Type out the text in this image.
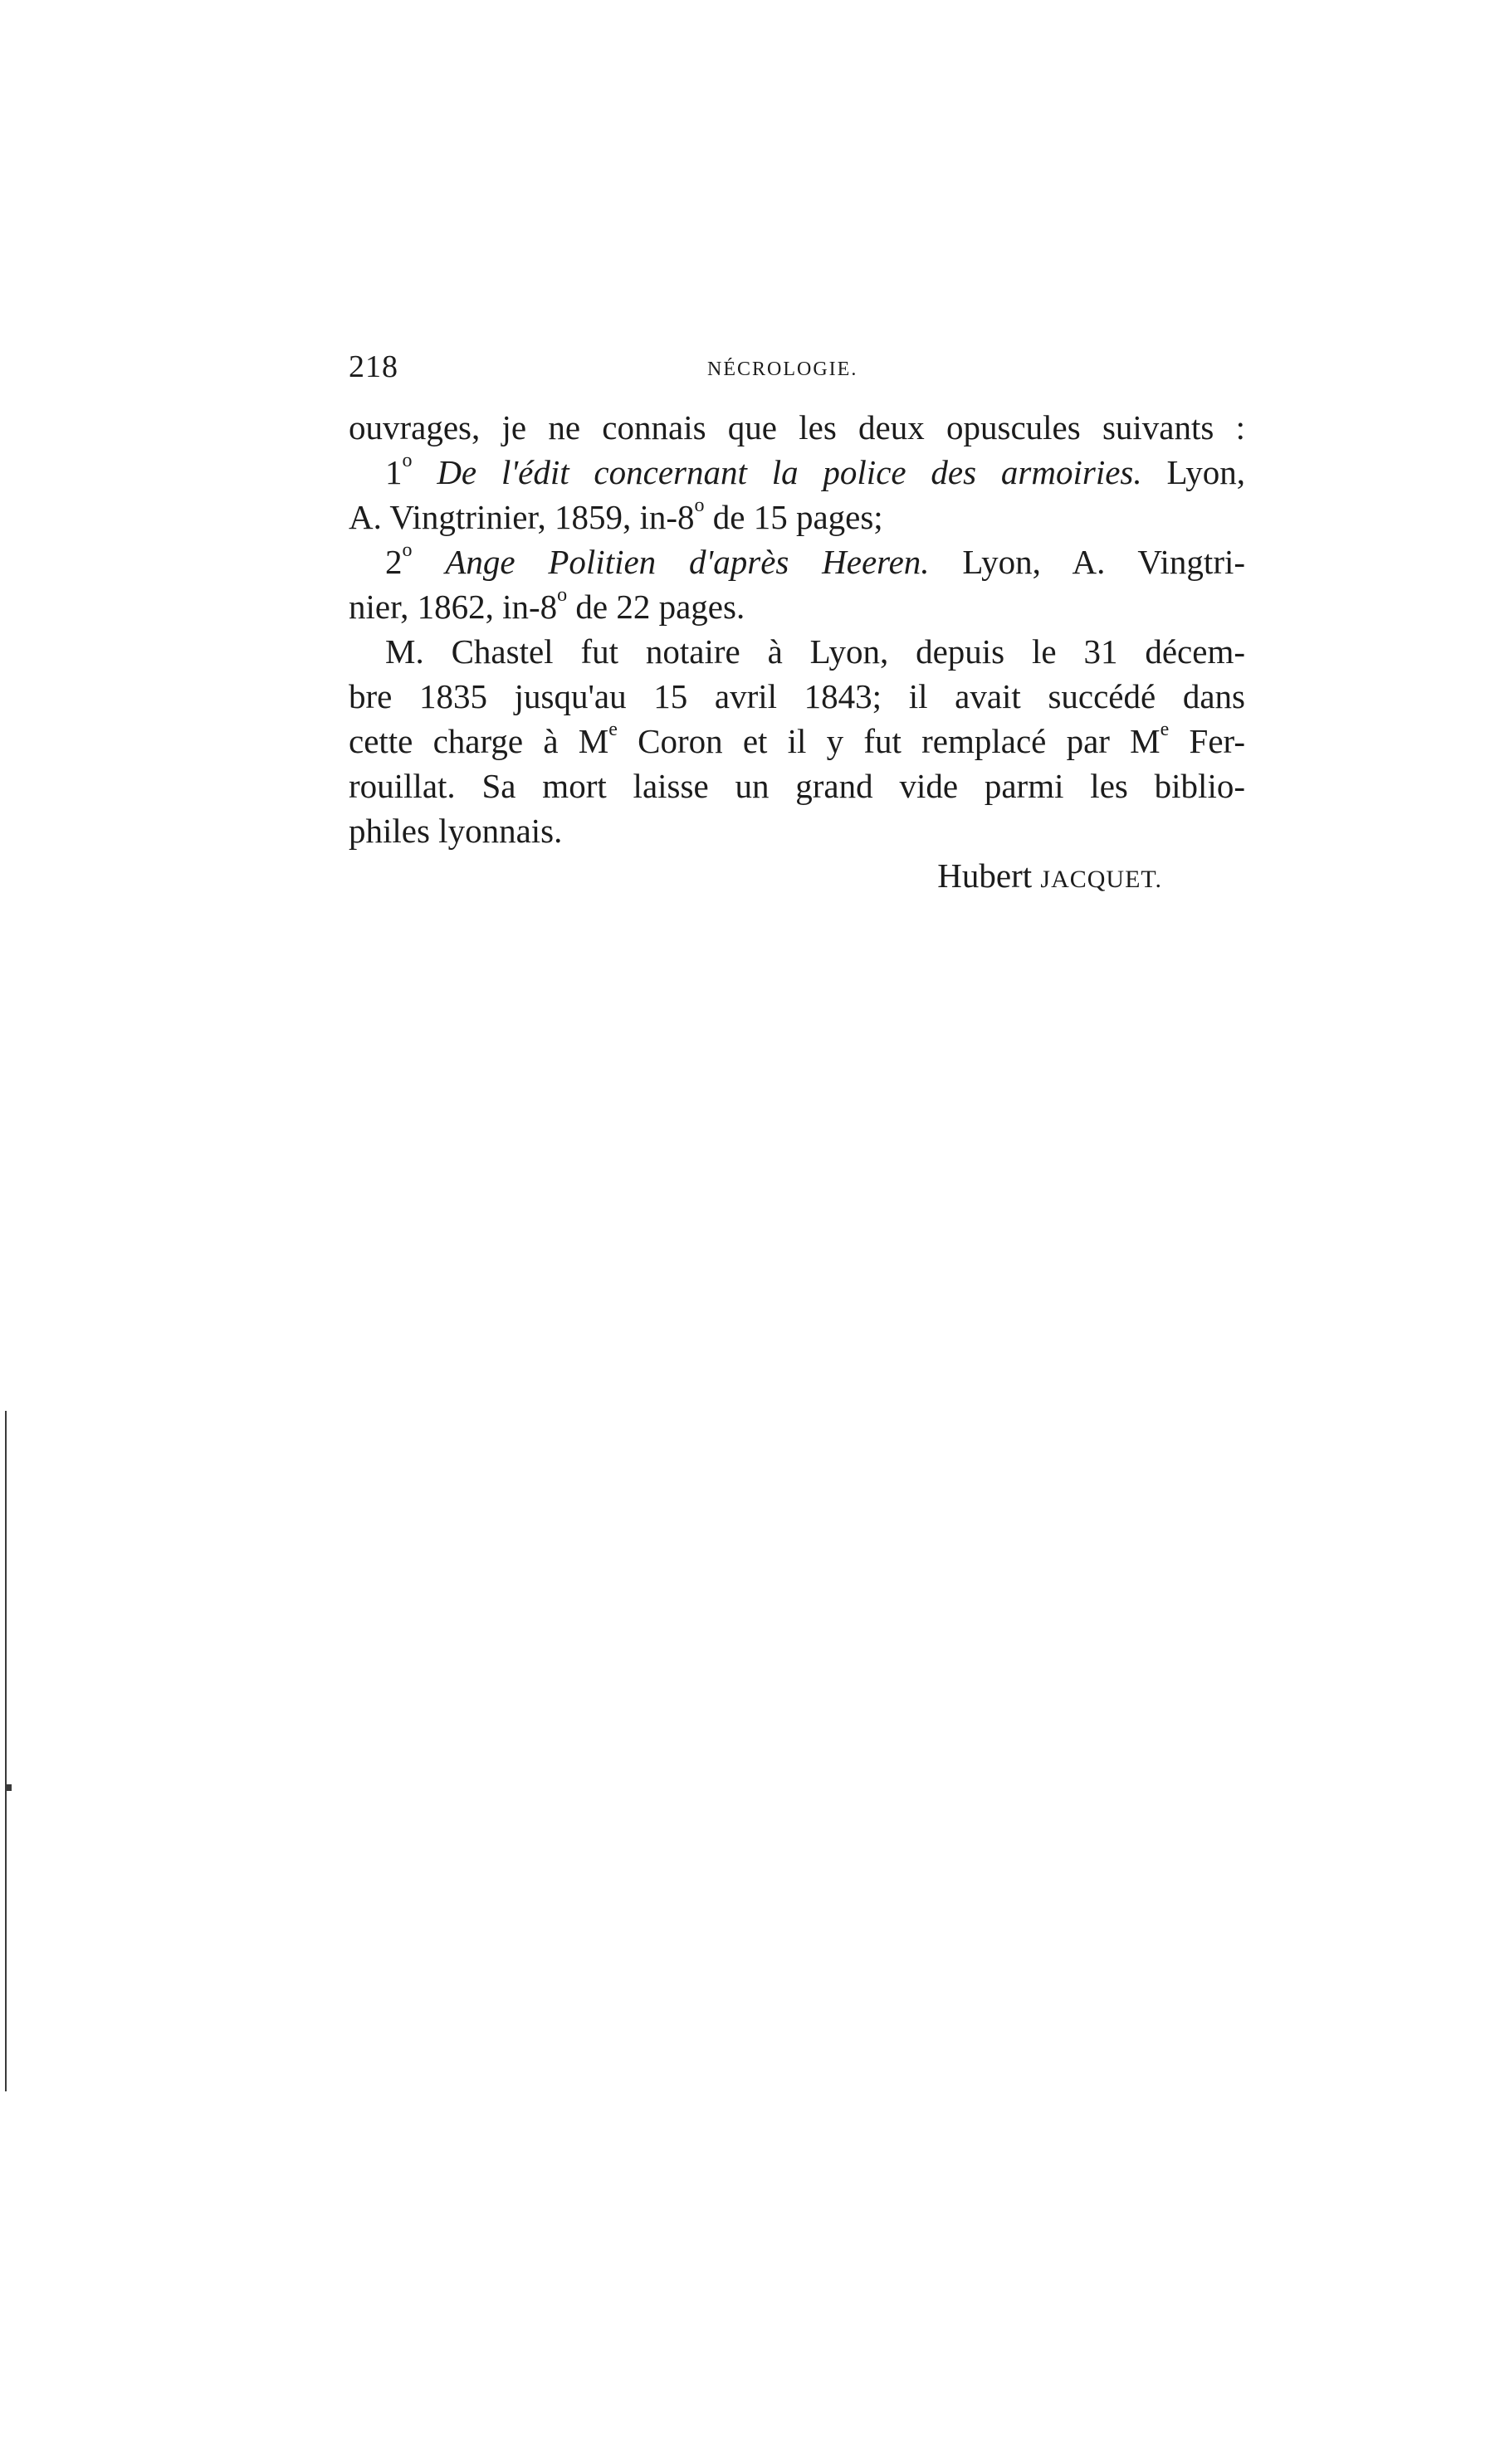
218	NÉCROLOGIE.
ouvrages, je ne connais que les deux opuscules suivants :
1$^o$ De l'édit concernant la police des armoiries. Lyon,
A. Vingtrinier, 1859, in-8$^o$ de 15 pages;
2$^o$ Ange Politien d'après Heeren. Lyon, A. Vingtri-
nier, 1862, in-8$^o$ de 22 pages.
M. Chastel fut notaire à Lyon, depuis le 31 décem-
bre 1835 jusqu'au 15 avril 1843; il avait succédé dans
cette charge à Me Coron et il y fut remplacé par Me Fer-
rouillat. Sa mort laisse un grand vide parmi les biblio-
philes lyonnais.
Hubert JACQUET.
